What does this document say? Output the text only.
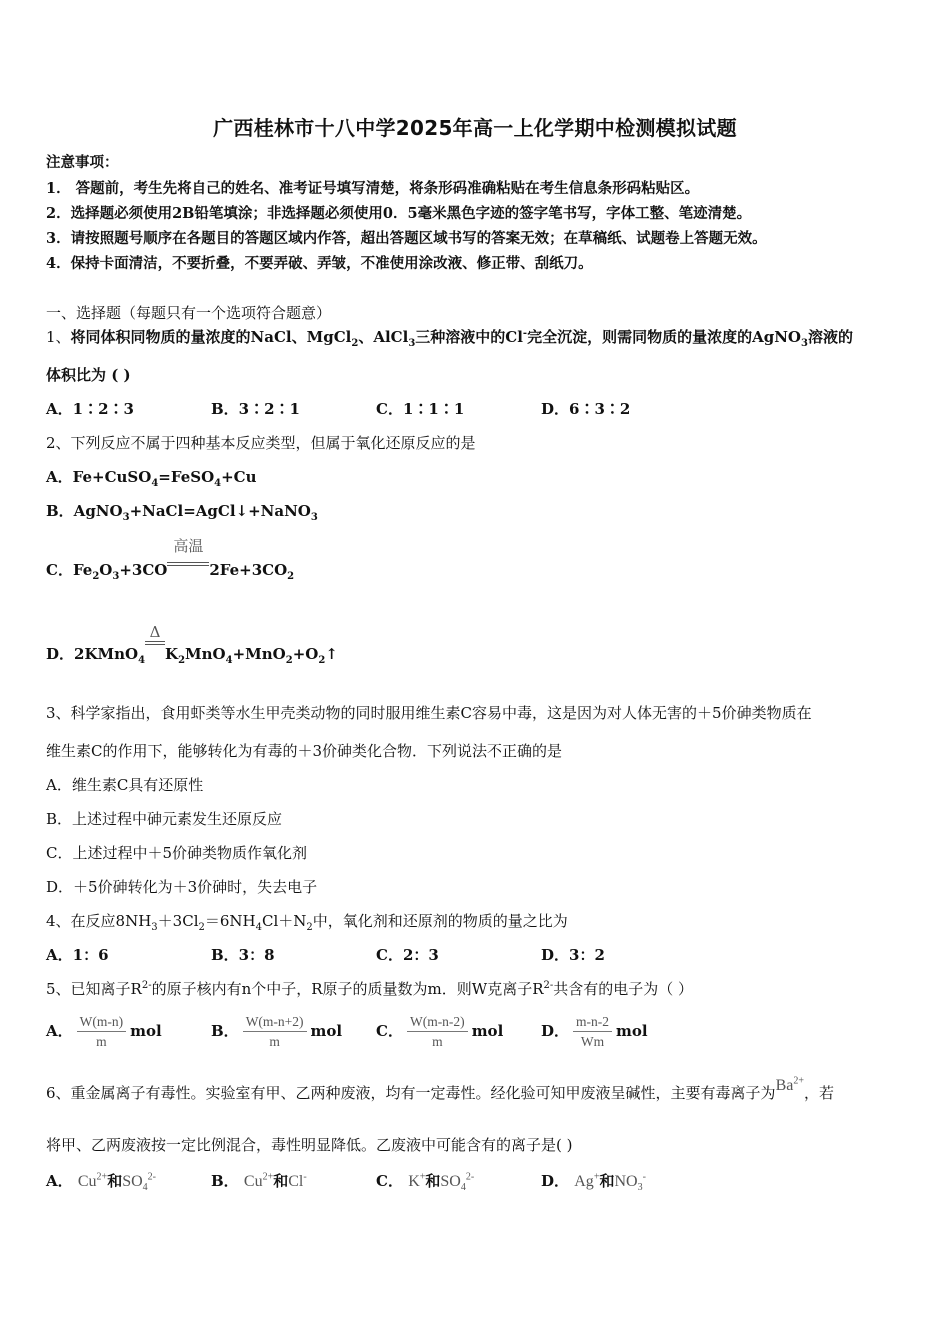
广西桂林市十八中学2025年高一上化学期中检测模拟试题
注意事项：
1． 答题前，考生先将自己的姓名、准考证号填写清楚，将条形码准确粘贴在考生信息条形码粘贴区。
2．选择题必须使用2B铅笔填涂；非选择题必须使用0．5毫米黑色字迹的签字笔书写，字体工整、笔迹清楚。
3．请按照题号顺序在各题目的答题区域内作答，超出答题区域书写的答案无效；在草稿纸、试题卷上答题无效。
4．保持卡面清洁，不要折叠，不要弄破、弄皱，不准使用涂改液、修正带、刮纸刀。
一、选择题（每题只有一个选项符合题意）
1、将同体积同物质的量浓度的NaCl、MgCl$_2$、AlCl$_3$三种溶液中的Cl-完全沉淀，则需同物质的量浓度的AgNO$_3$溶液的
体积比为 ( )
A．1∶2∶3	B．3∶2∶1	C．1∶1∶1	D．6∶3∶2
2、下列反应不属于四种基本反应类型，但属于氧化还原反应的是
A．Fe+CuSO$_4$=FeSO$_4$+Cu
B．AgNO$_3$+NaCl=AgCl↓+NaNO$_3$
C．$Fe_2O_3+3CO$
高温
$2Fe+3CO_2$
D．2KMnO$_4$
Δ
$K_2MnO_4+MnO_2+O_2↑$
3、科学家指出，食用虾类等水生甲壳类动物的同时服用维生素C容易中毒，这是因为对人体无害的＋5价砷类物质在
维生素C的作用下，能够转化为有毒的＋3价砷类化合物．下列说法不正确的是
A．维生素C具有还原性
B．上述过程中砷元素发生还原反应
C．上述过程中＋5价砷类物质作氧化剂
D．＋5价砷转化为＋3价砷时，失去电子
4、在反应$8NH_3+3Cl_2=6NH_4Cl+N_2$中，氧化剂和还原剂的物质的量之比为
A．1：6	B．3：8	C．2：3	D．3：2
5、已知离子$R^{2-}$的原子核内有n个中子，R原子的质量数为m．则W克离子$R^{2-}$共含有的电子为（ ）
A． $\frac{W(m-n)}{m}$ mol	B． $\frac{W(m-n+2)}{m}$ mol	C． $\frac{W(m-n-2)}{m}$ mol	D． $\frac{m-n-2}{Wm}$ mol
6、重金属离子有毒性。实验室有甲、乙两种废液，均有一定毒性。经化验可知甲废液呈碱性，主要有毒离子为$Ba^{2+}$，若
将甲、乙两废液按一定比例混合，毒性明显降低。乙废液中可能含有的离子是( )
A． $Cu^{2+}$和$SO_4^{2-}$	B． $Cu^{2+}$和Cl-	C． K+和$SO_4^{2-}$	D． Ag+和$NO_3^-$
